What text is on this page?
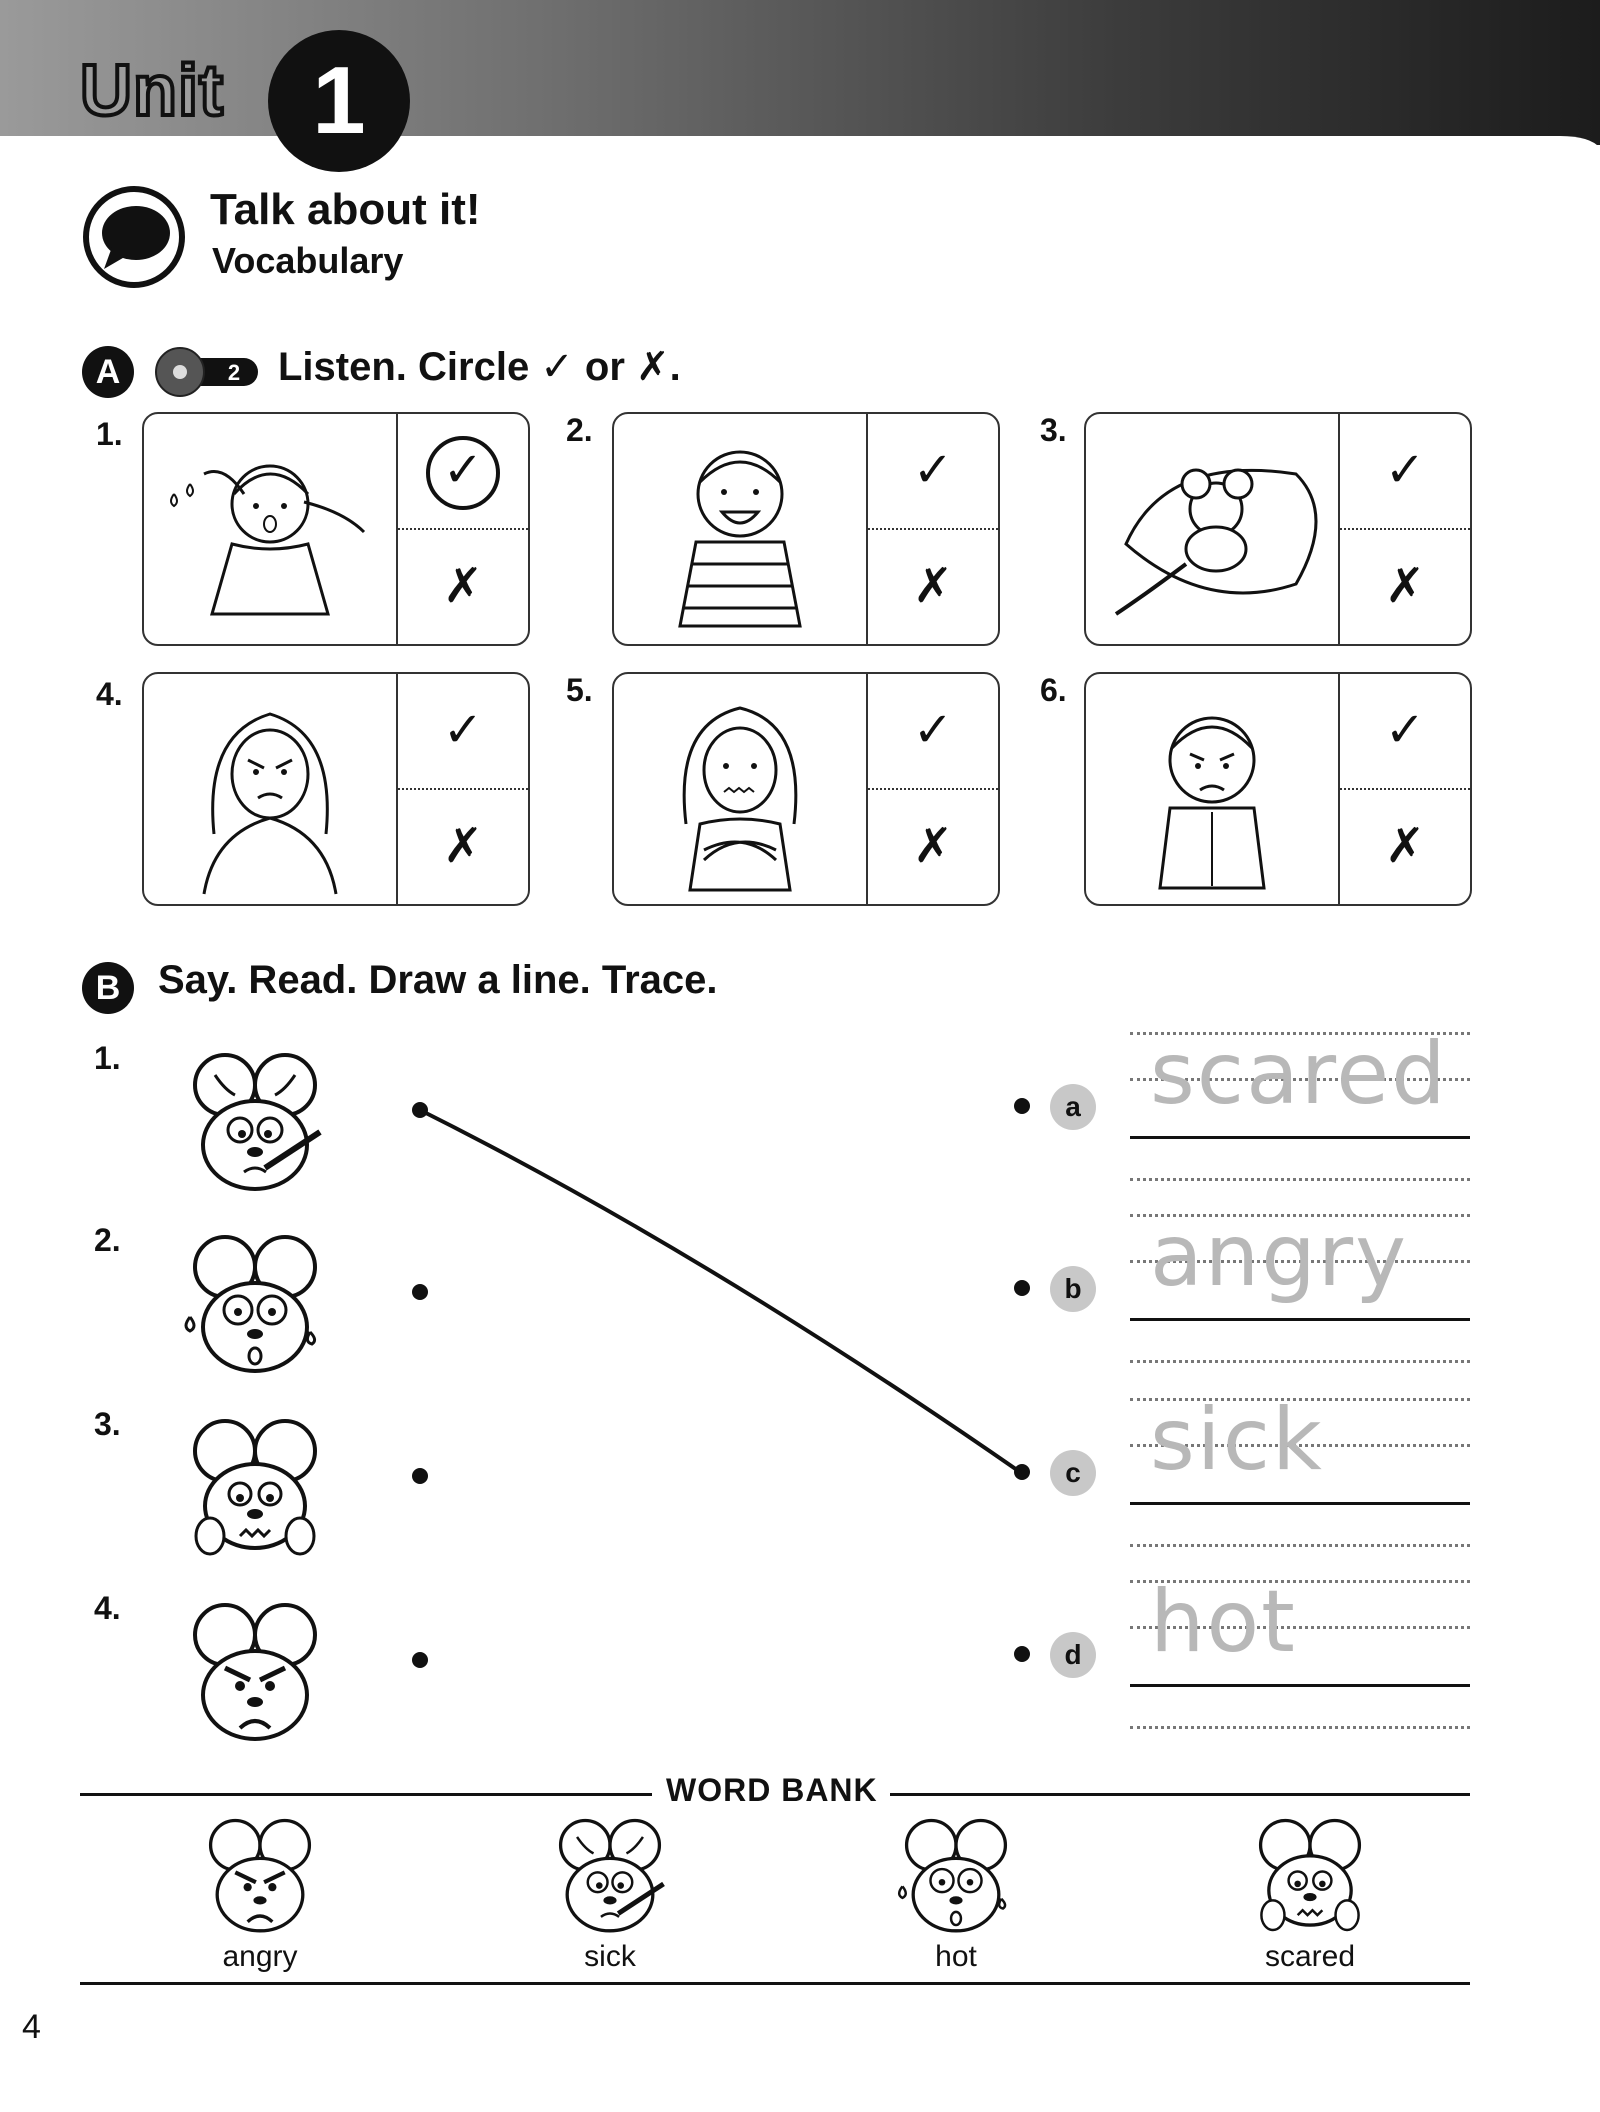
Unit 1
Talk about it!
Vocabulary
A	2 Listen. Circle ✓ or ✗.
1.
✓
✗
2.
✓
✗
3.
✓
✗
4.
✓
✗
5.
✓
✗
6.
✓
✗
B Say. Read. Draw a line. Trace.
1.
2.
3.
4.
a scared
b angry
c sick
d hot
WORD BANK
angry	sick	hot	scared
4
